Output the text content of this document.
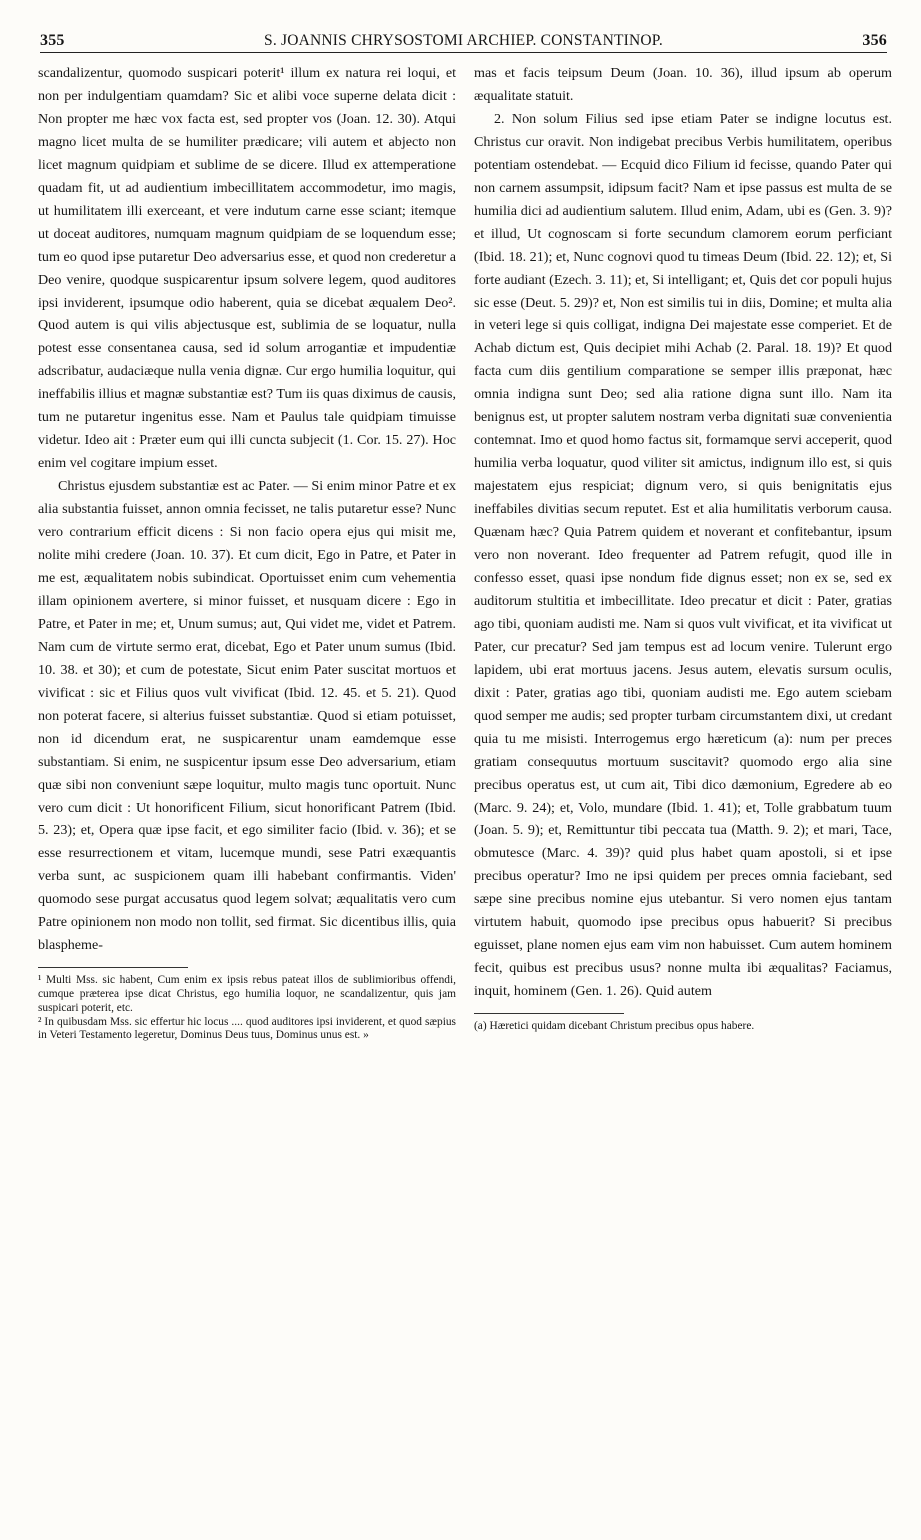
355	S. JOANNIS CHRYSOSTOMI ARCHIEP. CONSTANTINOP.	356

scandalizentur, quomodo suspicari poterit¹ illum ex natura rei loqui, et non per indulgentiam quamdam? Sic et alibi voce superne delata dicit : Non propter me hæc vox facta est, sed propter vos (Joan. 12. 30). Atqui magno licet multa de se humiliter prædicare; vili autem et abjecto non licet magnum quidpiam et sublime de se dicere. Illud ex attemperatione quadam fit, ut ad audientium imbecillitatem accommodetur, imo magis, ut humilitatem illi exerceant, et vere indutum carne esse sciant; itemque ut doceat auditores, numquam magnum quidpiam de se loquendum esse; tum eo quod ipse putaretur Deo adversarius esse, et quod non crederetur a Deo venire, quodque suspicarentur ipsum solvere legem, quod auditores ipsi inviderent, ipsumque odio haberent, quia se dicebat æqualem Deo². Quod autem is qui vilis abjectusque est, sublimia de se loquatur, nulla potest esse consentanea causa, sed id solum arrogantiæ et impudentiæ adscribatur, audaciæque nulla venia dignæ. Cur ergo humilia loquitur, qui ineffabilis illius et magnæ substantiæ est? Tum iis quas diximus de causis, tum ne putaretur ingenitus esse. Nam et Paulus tale quidpiam timuisse videtur. Ideo ait : Præter eum qui illi cuncta subjecit (1. Cor. 15. 27). Hoc enim vel cogitare impium esset.

Christus ejusdem substantiæ est ac Pater. — Si enim minor Patre et ex alia substantia fuisset, annon omnia fecisset, ne talis putaretur esse? Nunc vero contrarium efficit dicens : Si non facio opera ejus qui misit me, nolite mihi credere (Joan. 10. 37). Et cum dicit, Ego in Patre, et Pater in me est, æqualitatem nobis subindicat. Oportuisset enim cum vehementia illam opinionem avertere, si minor fuisset, et nusquam dicere : Ego in Patre, et Pater in me; et, Unum sumus; aut, Qui videt me, videt et Patrem. Nam cum de virtute sermo erat, dicebat, Ego et Pater unum sumus (Ibid. 10. 38. et 30); et cum de potestate, Sicut enim Pater suscitat mortuos et vivificat : sic et Filius quos vult vivificat (Ibid. 12. 45. et 5. 21). Quod non poterat facere, si alterius fuisset substantiæ. Quod si etiam potuisset, non id dicendum erat, ne suspicarentur unam eamdemque esse substantiam. Si enim, ne suspicentur ipsum esse Deo adversarium, etiam quæ sibi non conveniunt sæpe loquitur, multo magis tunc oportuit. Nunc vero cum dicit : Ut honorificent Filium, sicut honorificant Patrem (Ibid. 5. 23); et, Opera quæ ipse facit, et ego similiter facio (Ibid. v. 36); et se esse resurrectionem et vitam, lucemque mundi, sese Patri exæquantis verba sunt, ac suspicionem quam illi habebant confirmantis. Viden' quomodo sese purgat accusatus quod legem solvat; æqualitatis vero cum Patre opinionem non modo non tollit, sed firmat. Sic dicentibus illis, quia blaspheme-

¹ Multi Mss. sic habent, Cum enim ex ipsis rebus pateat illos de sublimioribus offendi, cumque præterea ipse dicat Christus, ego humilia loquor, ne scandalizentur, quis jam suspicari poterit, etc.

² In quibusdam Mss. sic effertur hic locus .... quod auditores ipsi inviderent, et quod sæpius in Veteri Testamento legeretur, Dominus Deus tuus, Dominus unus est. »

mas et facis teipsum Deum (Joan. 10. 36), illud ipsum ab operum æqualitate statuit.

2. Non solum Filius sed ipse etiam Pater se indigne locutus est. Christus cur oravit. Non indigebat precibus Verbis humilitatem, operibus potentiam ostendebat. — Ecquid dico Filium id fecisse, quando Pater qui non carnem assumpsit, idipsum facit? Nam et ipse passus est multa de se humilia dici ad audientium salutem. Illud enim, Adam, ubi es (Gen. 3. 9)? et illud, Ut cognoscam si forte secundum clamorem eorum perficiant (Ibid. 18. 21); et, Nunc cognovi quod tu timeas Deum (Ibid. 22. 12); et, Si forte audiant (Ezech. 3. 11); et, Si intelligant; et, Quis det cor populi hujus sic esse (Deut. 5. 29)? et, Non est similis tui in diis, Domine; et multa alia in veteri lege si quis colligat, indigna Dei majestate esse comperiet. Et de Achab dictum est, Quis decipiet mihi Achab (2. Paral. 18. 19)? Et quod facta cum diis gentilium comparatione se semper illis præponat, hæc omnia indigna sunt Deo; sed alia ratione digna sunt illo. Nam ita benignus est, ut propter salutem nostram verba dignitati suæ convenientia contemnat. Imo et quod homo factus sit, formamque servi acceperit, quod humilia verba loquatur, quod viliter sit amictus, indignum illo est, si quis majestatem ejus respiciat; dignum vero, si quis benignitatis ejus ineffabiles divitias secum reputet. Est et alia humilitatis verborum causa. Quænam hæc? Quia Patrem quidem et noverant et confitebantur, ipsum vero non noverant. Ideo frequenter ad Patrem refugit, quod ille in confesso esset, quasi ipse nondum fide dignus esset; non ex se, sed ex auditorum stultitia et imbecillitate. Ideo precatur et dicit : Pater, gratias ago tibi, quoniam audisti me. Nam si quos vult vivificat, et ita vivificat ut Pater, cur precatur? Sed jam tempus est ad locum venire. Tulerunt ergo lapidem, ubi erat mortuus jacens. Jesus autem, elevatis sursum oculis, dixit : Pater, gratias ago tibi, quoniam audisti me. Ego autem sciebam quod semper me audis; sed propter turbam circumstantem dixi, ut credant quia tu me misisti. Interrogemus ergo hæreticum (a): num per preces gratiam consequutus mortuum suscitavit? quomodo ergo alia sine precibus operatus est, ut cum ait, Tibi dico dæmonium, Egredere ab eo (Marc. 9. 24); et, Volo, mundare (Ibid. 1. 41); et, Tolle grabbatum tuum (Joan. 5. 9); et, Remittuntur tibi peccata tua (Matth. 9. 2); et mari, Tace, obmutesce (Marc. 4. 39)? quid plus habet quam apostoli, si et ipse precibus operatur? Imo ne ipsi quidem per preces omnia faciebant, sed sæpe sine precibus nomine ejus utebantur. Si vero nomen ejus tantam virtutem habuit, quomodo ipse precibus opus habuerit? Si precibus eguisset, plane nomen ejus eam vim non habuisset. Cum autem hominem fecit, quibus est precibus usus? nonne multa ibi æqualitas? Faciamus, inquit, hominem (Gen. 1. 26). Quid autem

(a) Hæretici quidam dicebant Christum precibus opus habere.
